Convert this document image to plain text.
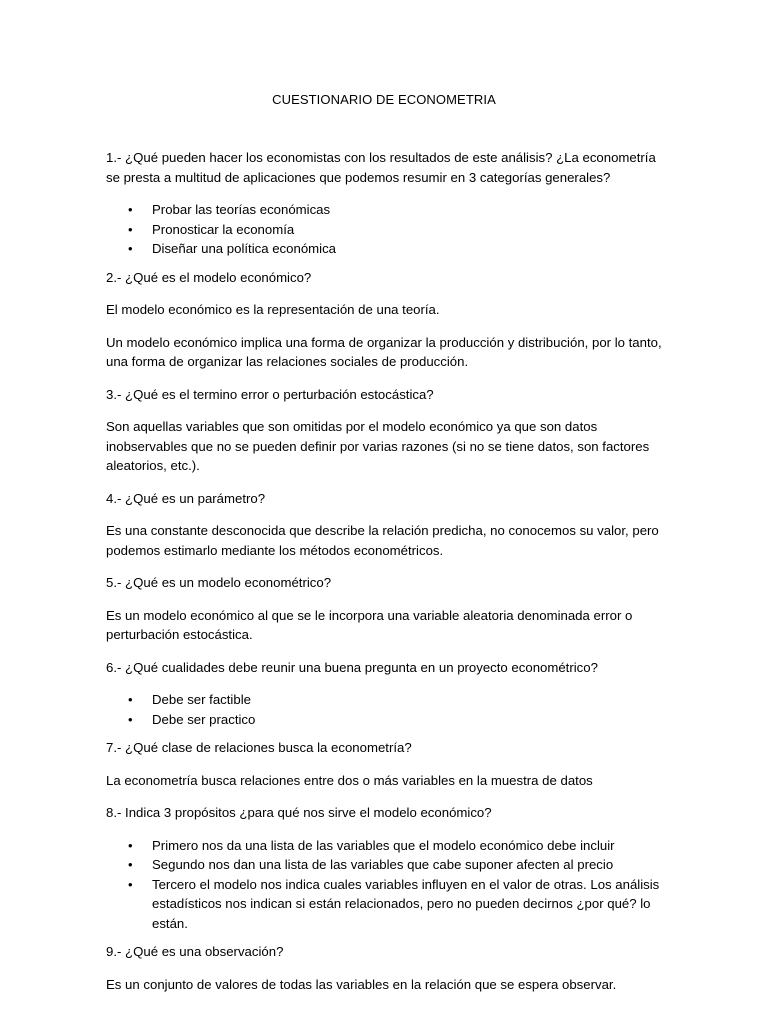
CUESTIONARIO DE ECONOMETRIA

1.- ¿Qué pueden hacer los economistas con los resultados de este análisis? ¿La econometría se presta a multitud de aplicaciones que podemos resumir en 3 categorías generales?

• Probar las teorías económicas
• Pronosticar la economía
• Diseñar una política económica

2.- ¿Qué es el modelo económico?

El modelo económico es la representación de una teoría.

Un modelo económico implica una forma de organizar la producción y distribución, por lo tanto, una forma de organizar las relaciones sociales de producción.

3.- ¿Qué es el termino error o perturbación estocástica?

Son aquellas variables que son omitidas por el modelo económico ya que son datos inobservables que no se pueden definir por varias razones (si no se tiene datos, son factores aleatorios, etc.).

4.- ¿Qué es un parámetro?

Es una constante desconocida que describe la relación predicha, no conocemos su valor, pero podemos estimarlo mediante los métodos econométricos.

5.- ¿Qué es un modelo econométrico?

Es un modelo económico al que se le incorpora una variable aleatoria denominada error o perturbación estocástica.

6.- ¿Qué cualidades debe reunir una buena pregunta en un proyecto econométrico?

• Debe ser factible
• Debe ser practico

7.- ¿Qué clase de relaciones busca la econometría?

La econometría busca relaciones entre dos o más variables en la muestra de datos

8.- Indica 3 propósitos ¿para qué nos sirve el modelo económico?

• Primero nos da una lista de las variables que el modelo económico debe incluir
• Segundo nos dan una lista de las variables que cabe suponer afecten al precio
• Tercero el modelo nos indica cuales variables influyen en el valor de otras. Los análisis estadísticos nos indican si están relacionados, pero no pueden decirnos ¿por qué? lo están.

9.- ¿Qué es una observación?

Es un conjunto de valores de todas las variables en la relación que se espera observar.
